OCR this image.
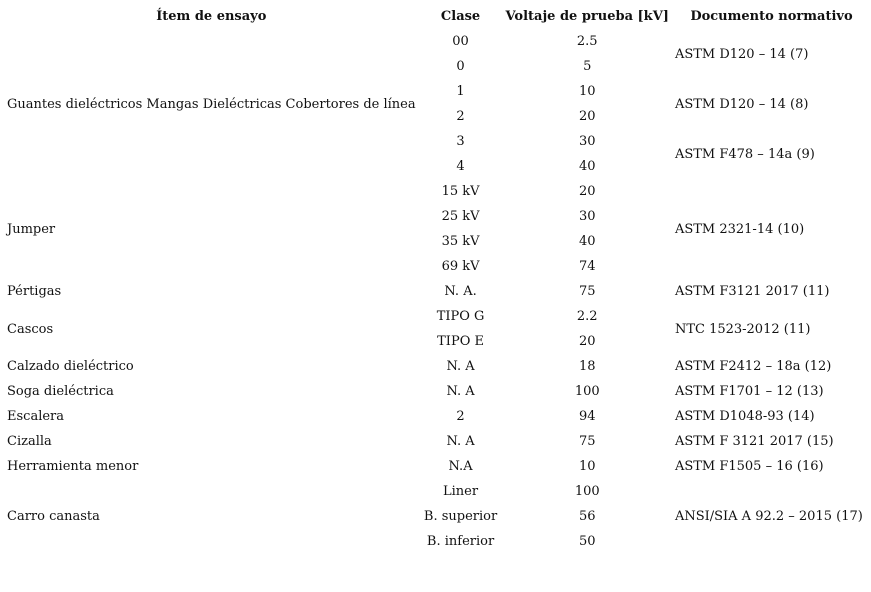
Ítem de ensayo	Clase	Voltaje de prueba [kV]	Documento normativo
Guantes dieléctricos Mangas Dieléctricas Cobertores de línea	00	2.5	ASTM D120 – 14 (7)
	0	5	
	1	10	ASTM D120 – 14 (8)
	2	20	
	3	30	ASTM F478 – 14a (9)
	4	40	
Jumper	15 kV	20	ASTM 2321-14 (10)
	25 kV	30	
	35 kV	40	
	69 kV	74	
Pértigas	N. A.	75	ASTM F3121 2017 (11)
Cascos	TIPO G	2.2	NTC 1523-2012 (11)
	TIPO E	20	
Calzado dieléctrico	N. A	18	ASTM F2412 – 18a (12)
Soga dieléctrica	N. A	100	ASTM F1701 – 12 (13)
Escalera	2	94	ASTM D1048-93 (14)
Cizalla	N. A	75	ASTM F 3121 2017 (15)
Herramienta menor	N.A	10	ASTM F1505 – 16 (16)
Carro canasta	Liner	100	ANSI/SIA A 92.2 – 2015 (17)
	B. superior	56	
	B. inferior	50	
